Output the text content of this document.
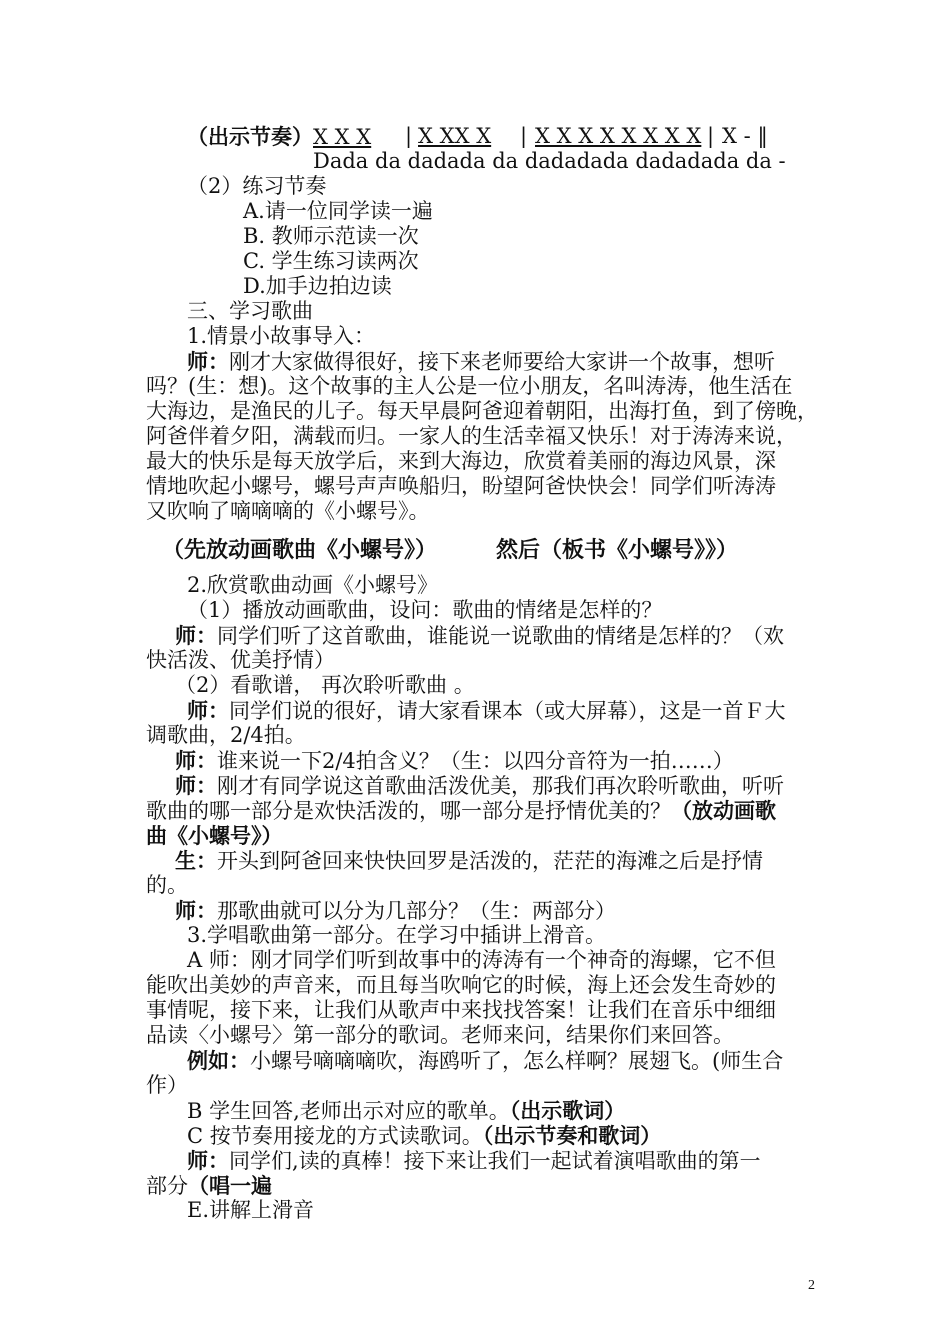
（出示节奏）X X X | X XX X | X X X X X X X X | X - ‖
Dada da dadada da dadadada dadadada da -
（2）练习节奏
A.请一位同学读一遍
B. 教师示范读一次
C. 学生练习读两次
D.加手边拍边读
三、学习歌曲
1.情景小故事导入：
师：刚才大家做得很好，接下来老师要给大家讲一个故事，想听
吗？(生：想)。这个故事的主人公是一位小朋友，名叫涛涛，他生活在
大海边，是渔民的儿子。每天早晨阿爸迎着朝阳，出海打鱼，到了傍晚，
阿爸伴着夕阳，满载而归。一家人的生活幸福又快乐！对于涛涛来说，
最大的快乐是每天放学后，来到大海边，欣赏着美丽的海边风景，深
情地吹起小螺号，螺号声声唤船归，盼望阿爸快快会！同学们听涛涛
又吹响了嘀嘀嘀的《小螺号》。
（先放动画歌曲《小螺号》）	然后（板书《小螺号》》）
2.欣赏歌曲动画《小螺号》
（1）播放动画歌曲，设问：歌曲的情绪是怎样的？
师：同学们听了这首歌曲，谁能说一说歌曲的情绪是怎样的？（欢
快活泼、优美抒情）
（2）看歌谱， 再次聆听歌曲 。
师：同学们说的很好，请大家看课本（或大屏幕），这是一首Ｆ大
调歌曲，2/4拍。
师：谁来说一下2/4拍含义？（生：以四分音符为一拍……）
师：刚才有同学说这首歌曲活泼优美，那我们再次聆听歌曲，听听
歌曲的哪一部分是欢快活泼的，哪一部分是抒情优美的？（放动画歌
曲《小螺号》）
生：开头到阿爸回来快快回罗是活泼的，茫茫的海滩之后是抒情
的。
师：那歌曲就可以分为几部分？（生：两部分）
3.学唱歌曲第一部分。在学习中插讲上滑音。
A 师：刚才同学们听到故事中的涛涛有一个神奇的海螺，它不但
能吹出美妙的声音来，而且每当吹响它的时候，海上还会发生奇妙的
事情呢，接下来，让我们从歌声中来找找答案！让我们在音乐中细细
品读〈小螺号〉第一部分的歌词。老师来问，结果你们来回答。
例如：小螺号嘀嘀嘀吹，海鸥听了，怎么样啊？展翅飞。(师生合
作）
B 学生回答,老师出示对应的歌单。（出示歌词）
C 按节奏用接龙的方式读歌词。（出示节奏和歌词）
师：同学们,读的真棒！接下来让我们一起试着演唱歌曲的第一
部分（唱一遍
E.讲解上滑音
2
